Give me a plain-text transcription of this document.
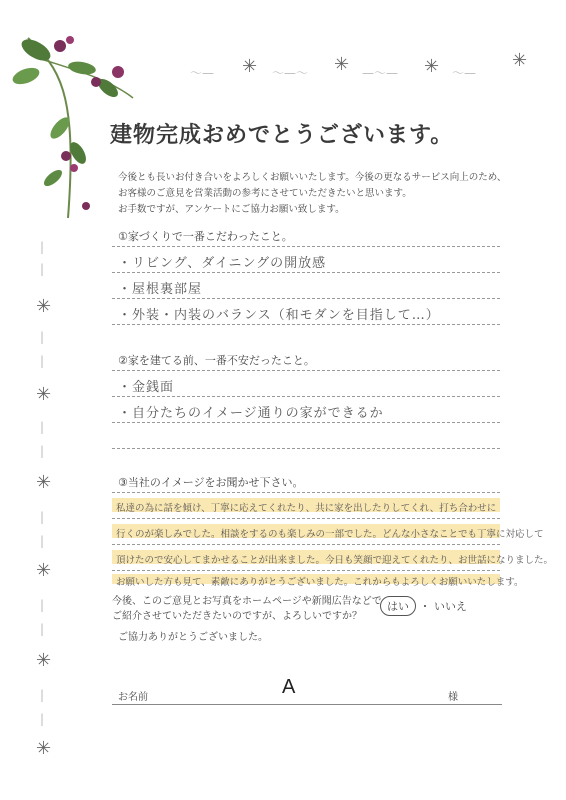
〜— ✳ 〜—〜 ✳ —〜— ✳ 〜—
✳
|
|
✳
|
|
✳
|
|
✳
|
|
✳
|
|
✳
|
|
✳
建物完成おめでとうございます。
今後とも長いお付き合いをよろしくお願いいたします。今後の更なるサービス向上のため、
お客様のご意見を営業活動の参考にさせていただきたいと思います。
お手数ですが、アンケートにご協力お願い致します。
①家づくりで一番こだわったこと。
・リビング、ダイニングの開放感
・屋根裏部屋
・外装・内装のバランス（和モダンを目指して…）
②家を建てる前、一番不安だったこと。
・金銭面
・自分たちのイメージ通りの家ができるか
③当社のイメージをお聞かせ下さい。
私達の為に話を傾け、丁寧に応えてくれたり、共に家を出したりしてくれ、打ち合わせに
行くのが楽しみでした。相談をするのも楽しみの一部でした。どんな小さなことでも丁寧に対応して
頂けたので安心してまかせることが出来ました。今日も笑顔で迎えてくれたり、お世話になりました。
お願いした方も見て、素敵にありがとうございました。これからもよろしくお願いいたします。
今後、このご意見とお写真をホームページや新聞広告などで
ご紹介させていただきたいのですが、よろしいですか？
はい ・ いいえ
ご協力ありがとうございました。
お名前	A	様
